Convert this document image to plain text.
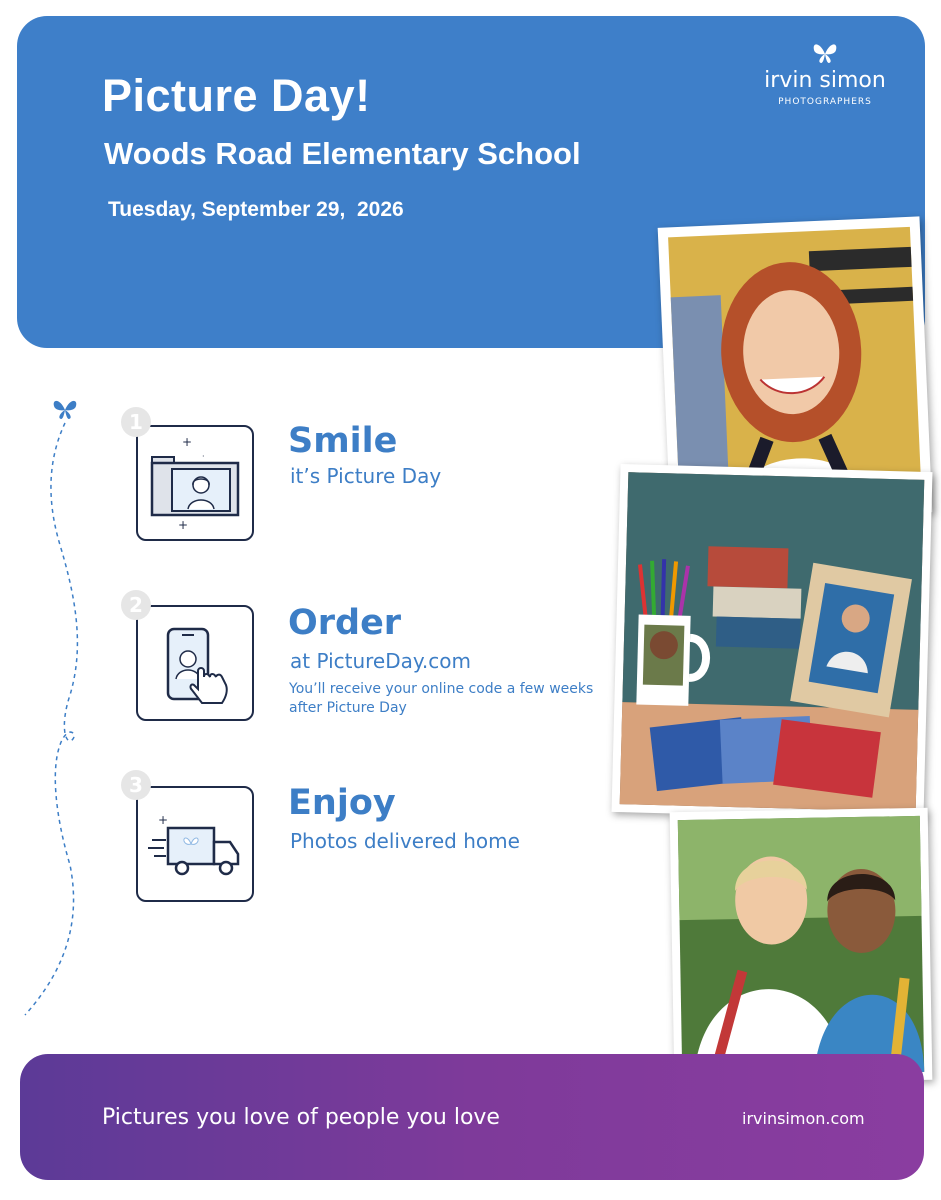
Picture Day!
Woods Road Elementary School
Tuesday, September 29,  2026
irvin simon
PHOTOGRAPHERS
+
·
+
1	Smile
it’s Picture Day
2	Order
at PictureDay.com
You’ll receive your online code a few weeks after Picture Day
+
3	Enjoy
Photos delivered home
Pictures you love of people you love	irvinsimon.com
